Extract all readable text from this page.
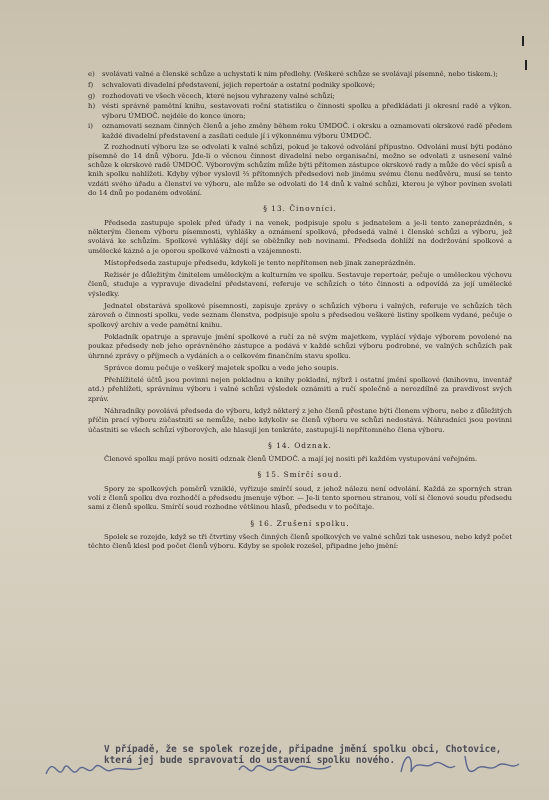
e)	svolávati valné a členské schůze a uchystati k nim předlohy. (Veškeré schůze se svolávají písemně, nebo tiskem.);
f)	schvalovati divadelní představení, jejich repertoár a ostatní podniky spolkové;
g) rozhodovati ve všech věcech, které nejsou vyhrazeny valné schůzi;
h) vésti správně pamětní knihu, sestavovati roční statistiku o činnosti spolku a předkládati ji okresní radě a výkon. výboru ÚMDOČ. nejdéle do konce února;
i)	oznamovati seznam činných členů a jeho změny během roku ÚMDOČ. i okrsku a oznamovati okrskové radě předem každé divadelní představení a zasílati cedule jí i výkonnému výboru ÚMDOČ.

Z rozhodnutí výboru lze se odvolati k valné schůzi, pokud je takové odvolání přípustno. Odvolání musí býti podáno písemně do 14 dnů výboru. Jde-li o věcnou činnost divadelní nebo organisační, možno se odvolati z usnesení valné schůze k okrskové radě ÚMDOČ. Výborovým schůzím může býti přítomen zástupce okrskové rady a může do věcí spisů a knih spolku nahlížeti. Kdyby výbor vyslovil ⅔ přítomných předsedovi neb jinému svému členu nedůvěru, musí se tento vzdáti svého úřadu a členství ve výboru, ale může se odvolati do 14 dnů k valné schůzi, kterou je výbor povinen svolati do 14 dnů po podaném odvolání.

§ 13. Činovníci.

Předseda zastupuje spolek před úřady i na venek, podpisuje spolu s jednatelem a je-li tento zaneprázdněn, s některým členem výboru písemnosti, vyhlášky a oznámení spolková, předsedá valné i členské schůzi a výboru, jež svolává ke schůzím. Spolkové vyhlášky dějí se oběžníky neb novinami. Předseda dohlíží na dodržování spolkové a umělecké kázně a je oporou spolkové vážnosti a vzájemnosti.

Místopředseda zastupuje předsedu, kdykoli je tento nepřítomen neb jinak zaneprázdněn.

Režisér je důležitým činitelem uměleckým a kulturním ve spolku. Sestavuje repertoár, pečuje o uměleckou výchovu členů, studuje a vypravuje divadelní představení, referuje ve schůzích o této činnosti a odpovídá za její umělecké výsledky.

Jednatel obstarává spolkové písemnosti, zapisuje zprávy o schůzích výboru i valných, referuje ve schůzích těch zároveň o činnosti spolku, vede seznam členstva, podpisuje spolu s předsedou veškeré listiny spolkem vydané, pečuje o spolkový archiv a vede pamětní knihu.

Pokladník opatruje a spravuje jmění spolkové a ručí za ně svým majetkem, vyplácí výdaje výborem povolené na poukaz předsedy neb jeho oprávněného zástupce a podává v každé schůzi výboru podrobné, ve valných schůzích pak úhrnné zprávy o příjmech a vydáních a o celkovém finančním stavu spolku.

Správce domu pečuje o veškerý majetek spolku a vede jeho soupis.

Přehlížitelé účtů jsou povinni nejen pokladnu a knihy pokladní, nýbrž i ostatní jmění spolkové (knihovnu, inventář atd.) přehlížeti, správnímu výboru i valné schůzi výsledek oznámiti a ručí společně a nerozdílně za pravdivost svých zpráv.

Náhradníky povolává předseda do výboru, když některý z jeho členů přestane býti členem výboru, nebo z důležitých příčin prací výboru zúčastniti se nemůže, nebo kdykoliv se členů výboru ve schůzi nedostává. Náhradníci jsou povinni účastniti se všech schůzí výborových, ale hlasují jen tenkráte, zastupují-li nepřítomného člena výboru.

§ 14. Odznak.

Členové spolku mají právo nositi odznak členů ÚMDOČ. a mají jej nositi při každém vystupování veřejném.

§ 15. Smírčí soud.

Spory ze spolkových poměrů vzniklé, vyřizuje smírčí soud, z jehož nálezu není odvolání. Každá ze sporných stran volí z členů spolku dva rozhodčí a předsedu jmenuje výbor. — Je-li tento spornou stranou, volí si členové soudu předsedu sami z členů spolku. Smírčí soud rozhodne většinou hlasů, předsedu v to počítaje.

§ 16. Zrušení spolku.

Spolek se rozejde, když se tři čtvrtiny všech činných členů spolkových ve valné schůzi tak usnesou, nebo když počet těchto členů klesl pod počet členů výboru. Kdyby se spolek rozešel, připadne jeho jmění:

V případě, že se spolek rozejde, připadne jmění spolku obci, Chotovice, která jej bude spravovati do ustavení spolku nového.
